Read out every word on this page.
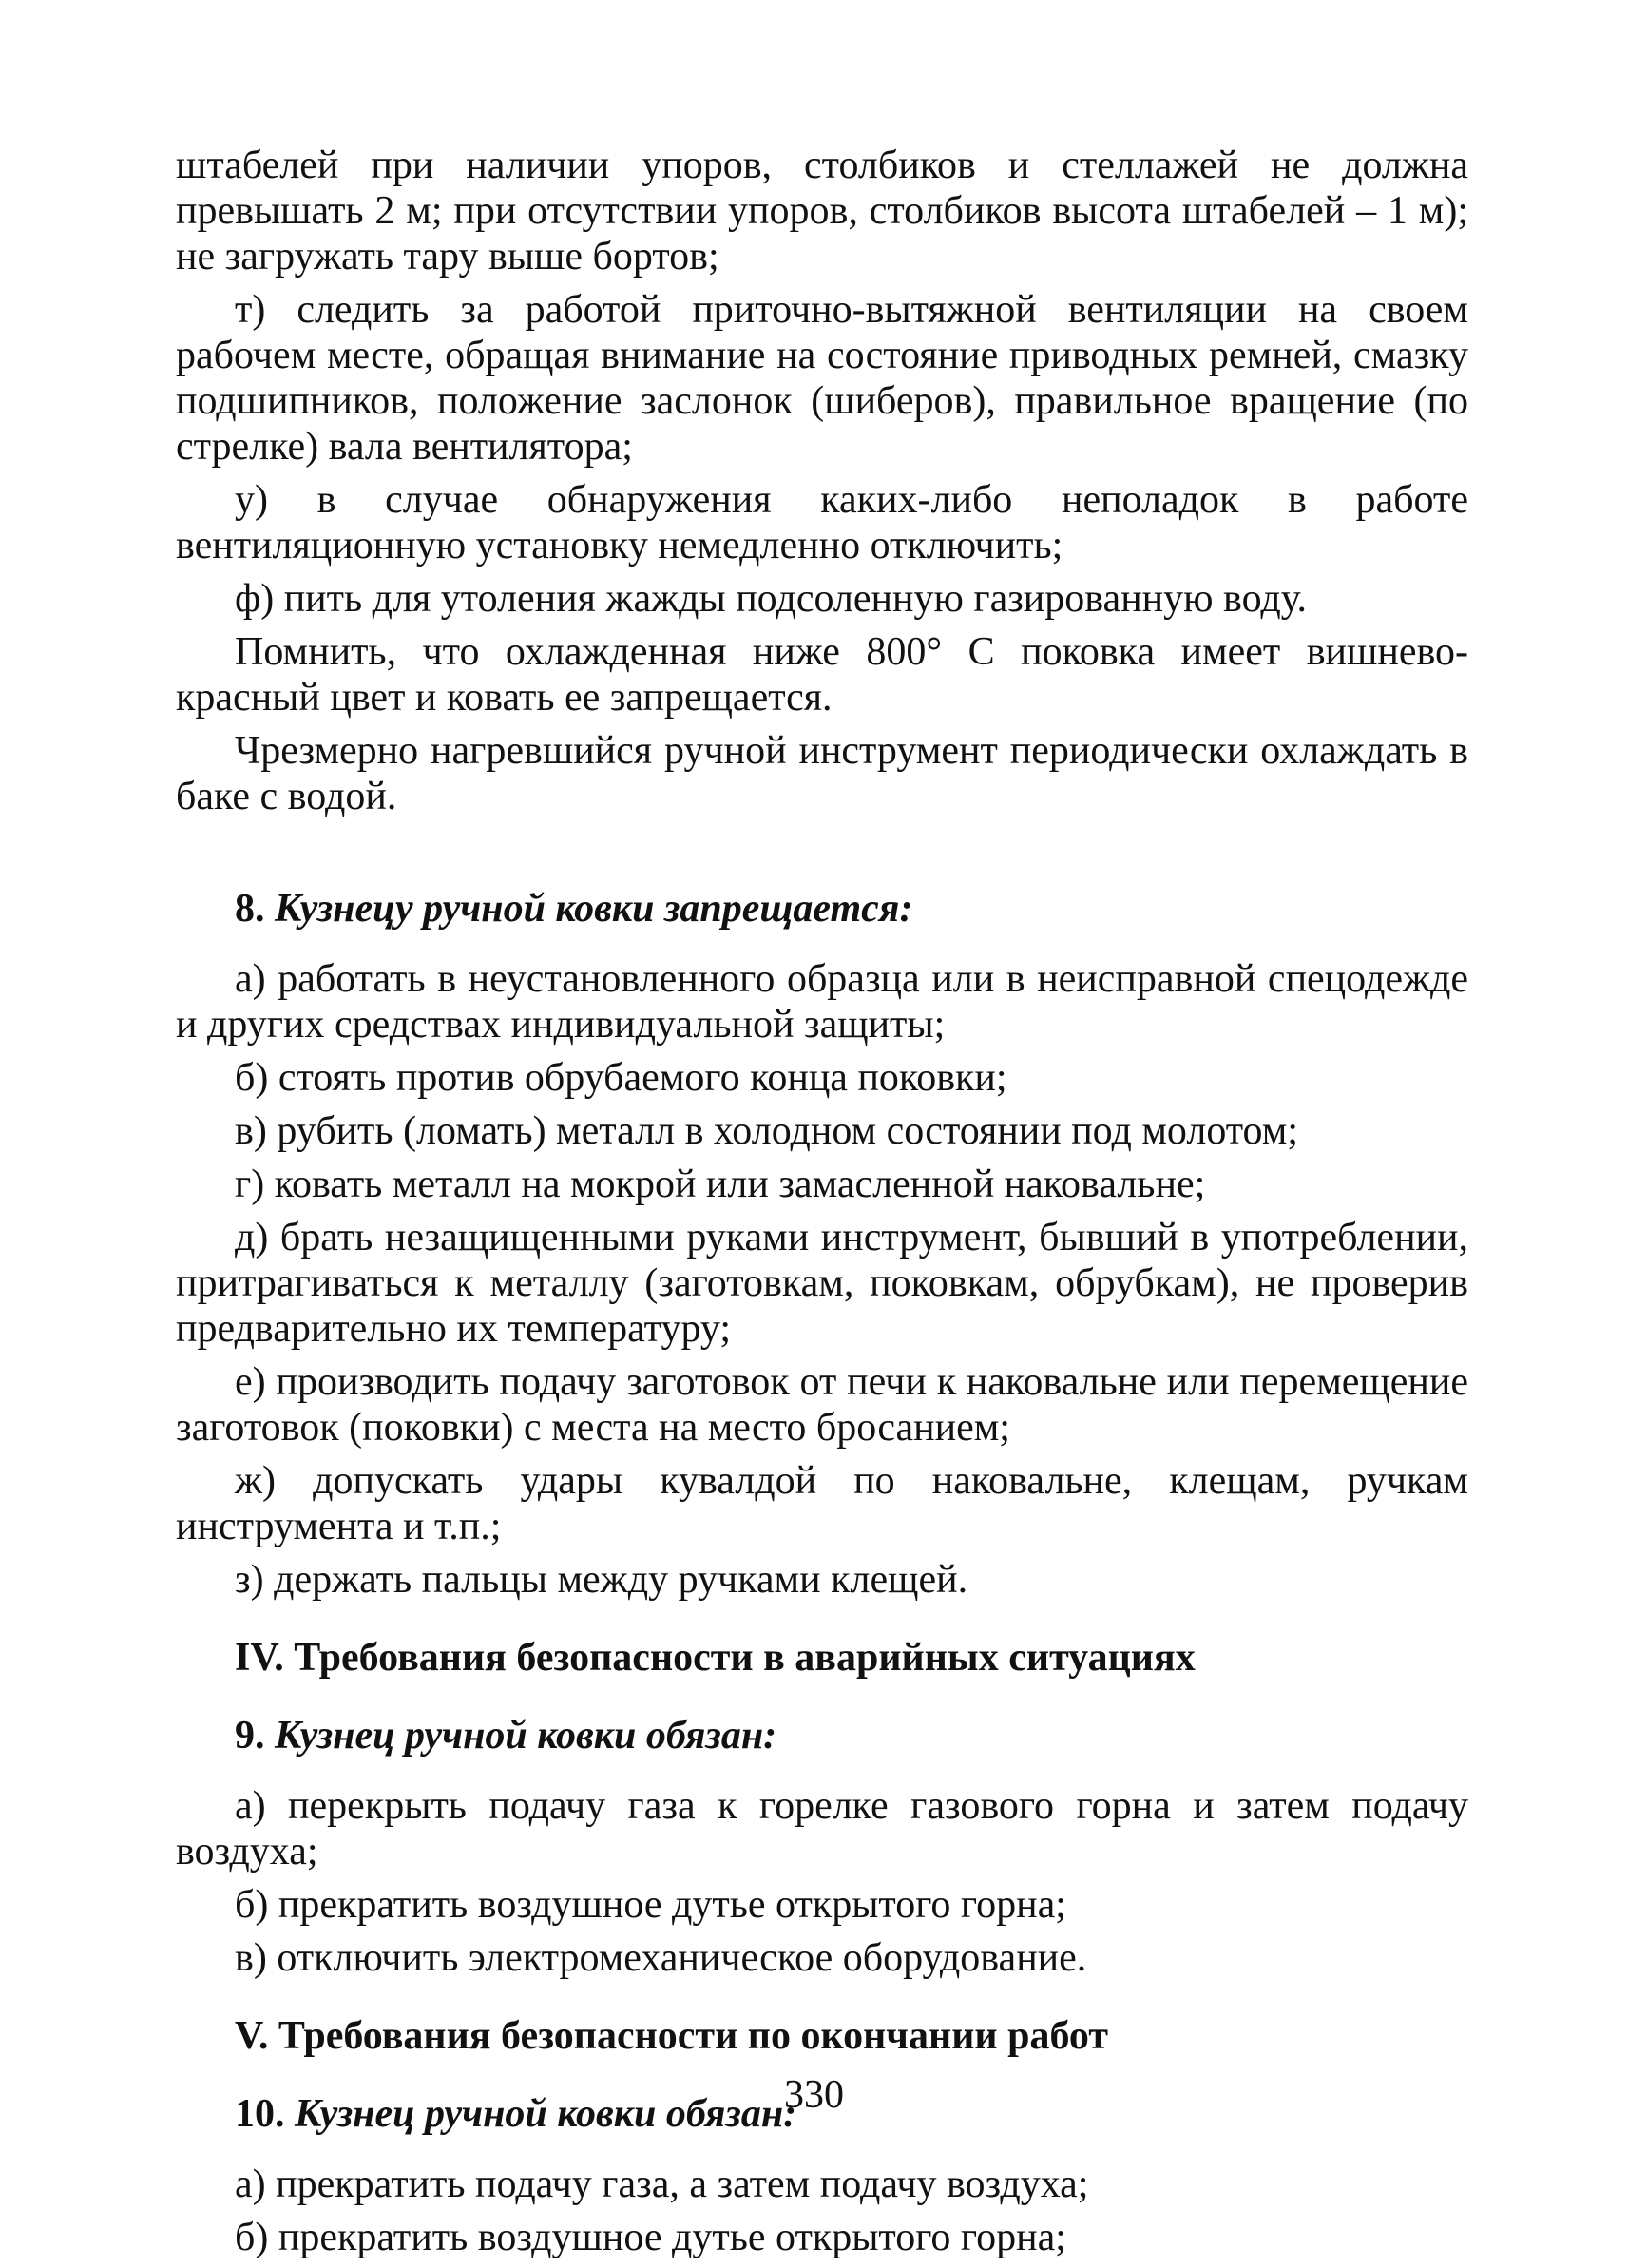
штабелей при наличии упоров, столбиков и стеллажей не должна превышать 2 м; при отсутствии упоров, столбиков высота штабелей – 1 м); не загружать тару выше бортов;

т) следить за работой приточно-вытяжной вентиляции на своем рабочем месте, обращая внимание на состояние приводных ремней, смазку подшипников, положение заслонок (шиберов), правильное вращение (по стрелке) вала вентилятора;

у) в случае обнаружения каких-либо неполадок в работе вентиляционную установку немедленно отключить;

ф) пить для утоления жажды подсоленную газированную воду.

Помнить, что охлажденная ниже 800° С поковка имеет вишнево-красный цвет и ковать ее запрещается.

Чрезмерно нагревшийся ручной инструмент периодически охлаждать в баке с водой.

8. Кузнецу ручной ковки запрещается:

а) работать в неустановленного образца или в неисправной спецодежде и других средствах индивидуальной защиты;

б) стоять против обрубаемого конца поковки;

в) рубить (ломать) металл в холодном состоянии под молотом;

г) ковать металл на мокрой или замасленной наковальне;

д) брать незащищенными руками инструмент, бывший в употреблении, притрагиваться к металлу (заготовкам, поковкам, обрубкам), не проверив предварительно их температуру;

е) производить подачу заготовок от печи к наковальне или перемещение заготовок (поковки) с места на место бросанием;

ж) допускать удары кувалдой по наковальне, клещам, ручкам инструмента и т.п.;

з) держать пальцы между ручками клещей.

IV. Требования безопасности в аварийных ситуациях

9. Кузнец ручной ковки обязан:

а) перекрыть подачу газа к горелке газового горна и затем подачу воздуха;

б) прекратить воздушное дутье открытого горна;

в) отключить электромеханическое оборудование.

V. Требования безопасности по окончании работ

10. Кузнец ручной ковки обязан:

а) прекратить подачу газа, а затем подачу воздуха;

б) прекратить воздушное дутье открытого горна;

330
